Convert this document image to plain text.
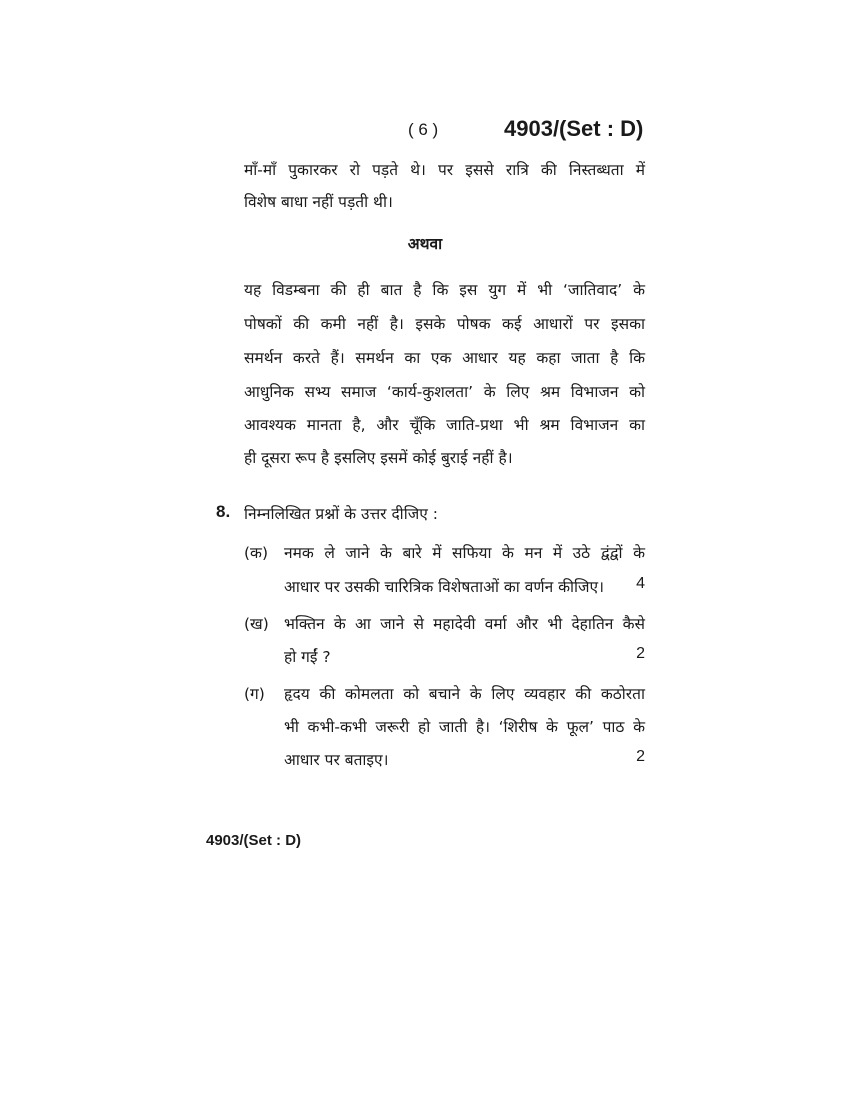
( 6 )	4903/(Set : D)
माँ-माँ पुकारकर रो पड़ते थे। पर इससे रात्रि की निस्तब्धता में
विशेष बाधा नहीं पड़ती थी।
अथवा
यह विडम्बना की ही बात है कि इस युग में भी ‘जातिवाद’ के
पोषकों की कमी नहीं है। इसके पोषक कई आधारों पर इसका
समर्थन करते हैं। समर्थन का एक आधार यह कहा जाता है कि
आधुनिक सभ्य समाज ‘कार्य-कुशलता’ के लिए श्रम विभाजन को
आवश्यक मानता है, और चूँकि जाति-प्रथा भी श्रम विभाजन का
ही दूसरा रूप है इसलिए इसमें कोई बुराई नहीं है।
8. निम्नलिखित प्रश्नों के उत्तर दीजिए :
(क) नमक ले जाने के बारे में सफिया के मन में उठे द्वंद्वों के
आधार पर उसकी चारित्रिक विशेषताओं का वर्णन कीजिए।	4
(ख) भक्तिन के आ जाने से महादेवी वर्मा और भी देहातिन कैसे
हो गईं ?	2
(ग) हृदय की कोमलता को बचाने के लिए व्यवहार की कठोरता
भी कभी-कभी जरूरी हो जाती है। ‘शिरीष के फूल’ पाठ के
आधार पर बताइए।	2
4903/(Set : D)
